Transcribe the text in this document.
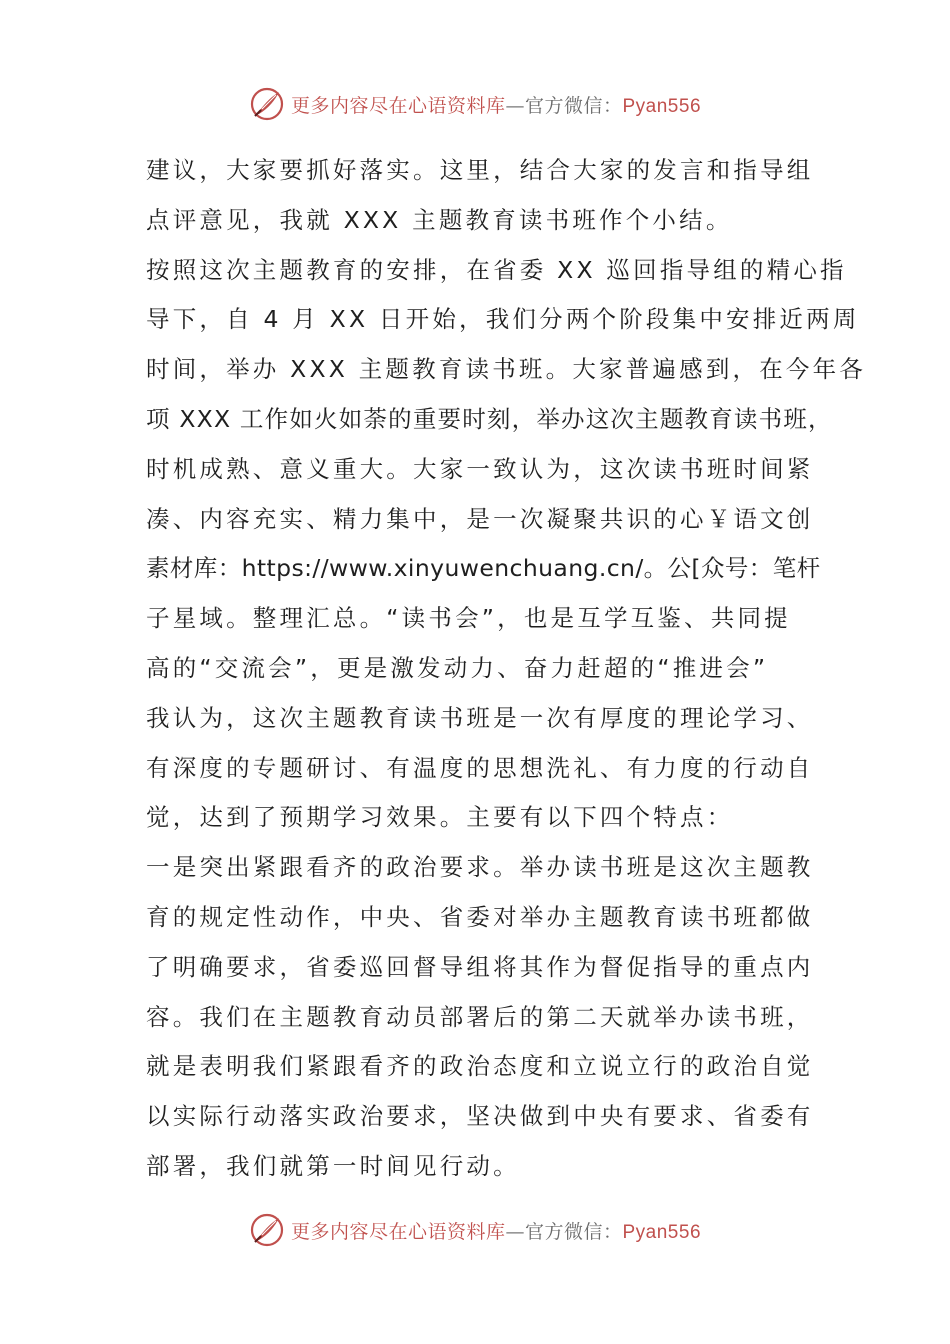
更多内容尽在心语资料库—官方微信：Pyan556
建议，大家要抓好落实。这里，结合大家的发言和指导组
点评意见，我就 XXX 主题教育读书班作个小结。
按照这次主题教育的安排，在省委 XX 巡回指导组的精心指
导下，自 4 月 XX 日开始，我们分两个阶段集中安排近两周
时间，举办 XXX 主题教育读书班。大家普遍感到，在今年各
项 XXX 工作如火如荼的重要时刻，举办这次主题教育读书班，
时机成熟、意义重大。大家一致认为，这次读书班时间紧
凑、内容充实、精力集中，是一次凝聚共识的心￥语文创
素材库：https://www.xinyuwenchuang.cn/。公[众号：笔杆
子星域。整理汇总。“读书会”，也是互学互鉴、共同提
高的“交流会”，更是激发动力、奋力赶超的“推进会”
我认为，这次主题教育读书班是一次有厚度的理论学习、
有深度的专题研讨、有温度的思想洗礼、有力度的行动自
觉，达到了预期学习效果。主要有以下四个特点：
一是突出紧跟看齐的政治要求。举办读书班是这次主题教
育的规定性动作，中央、省委对举办主题教育读书班都做
了明确要求，省委巡回督导组将其作为督促指导的重点内
容。我们在主题教育动员部署后的第二天就举办读书班，
就是表明我们紧跟看齐的政治态度和立说立行的政治自觉
以实际行动落实政治要求，坚决做到中央有要求、省委有
部署，我们就第一时间见行动。
更多内容尽在心语资料库—官方微信：Pyan556
